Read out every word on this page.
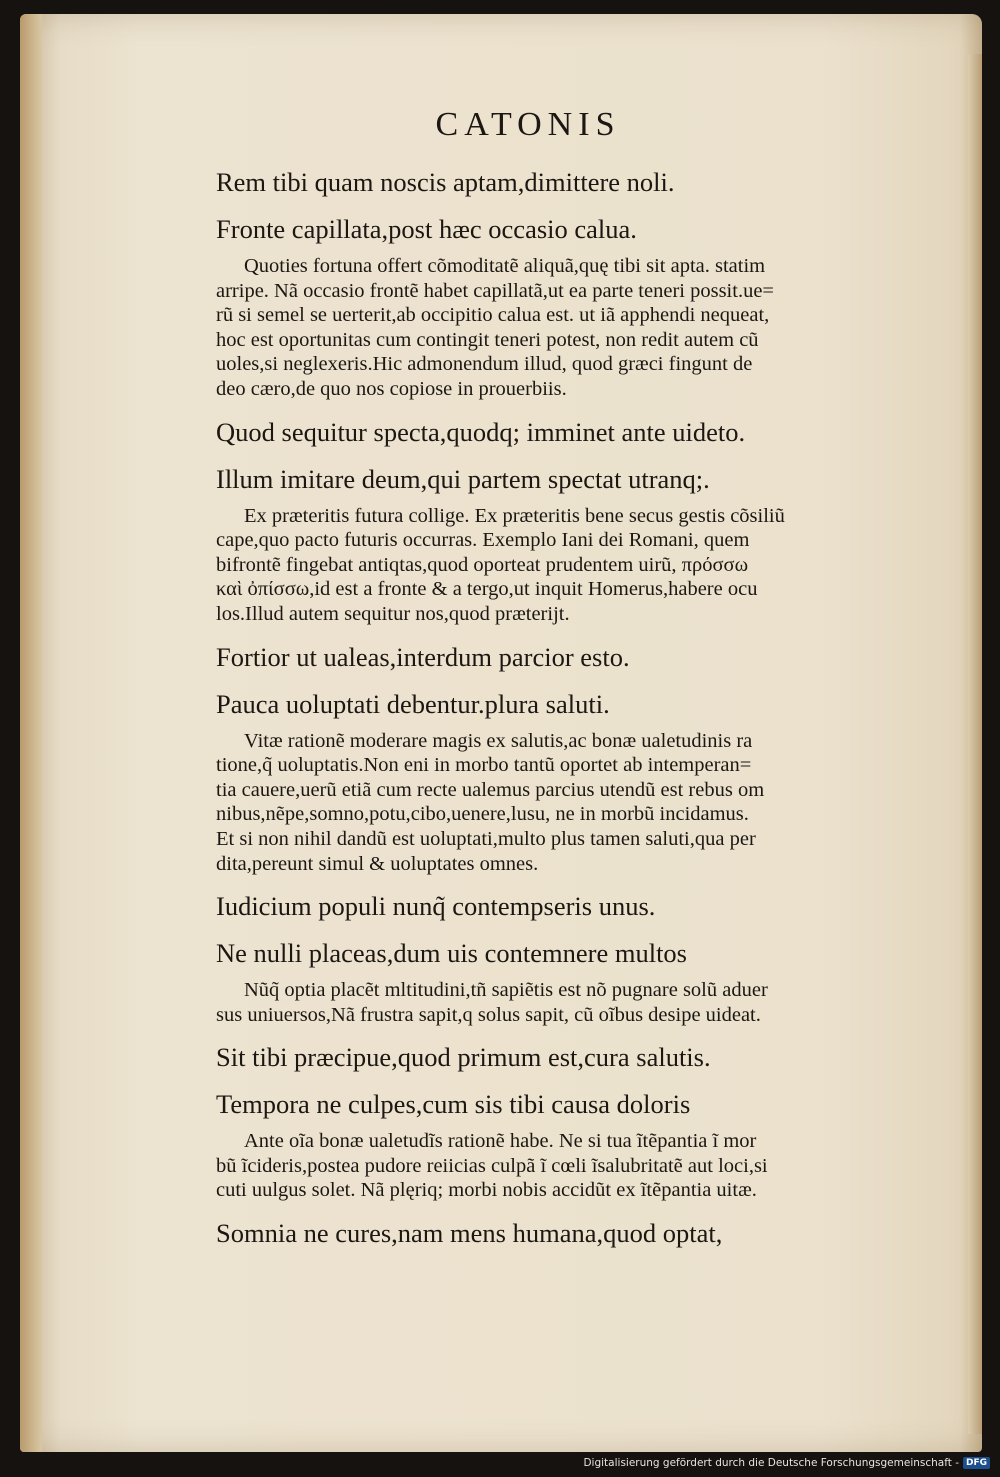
CATONIS

Rem tibi quam noscis aptam,dimittere noli.

Fronte capillata,post hæc occasio calua.

Quoties fortuna offert cõmoditatẽ aliquã,quę tibi sit apta. statim
arripe. Nã occasio frontẽ habet capillatã,ut ea parte teneri possit.ue=
rũ si semel se uerterit,ab occipitio calua est. ut iã apphendi nequeat,
hoc est oportunitas cum contingit teneri potest, non redit autem cũ
uoles,si neglexeris.Hic admonendum illud, quod græci fingunt de
deo cæro,de quo nos copiose in prouerbiis.

Quod sequitur specta,quodq; imminet ante uideto.

Illum imitare deum,qui partem spectat utranq;.

Ex præteritis futura collige. Ex præteritis bene secus gestis cõsiliũ
cape,quo pacto futuris occurras. Exemplo Iani dei Romani, quem
bifrontẽ fingebat antiqtas,quod oporteat prudentem uirũ, πρόσσω
καὶ ὀπίσσω,id est a fronte & a tergo,ut inquit Homerus,habere ocu
los.Illud autem sequitur nos,quod præterijt.

Fortior ut ualeas,interdum parcior esto.

Pauca uoluptati debentur.plura saluti.

Vitæ rationẽ moderare magis ex salutis,ac bonæ ualetudinis ra
tione,q̃ uoluptatis.Non eni in morbo tantũ oportet ab intemperan=
tia cauere,uerũ etiã cum recte ualemus parcius utendũ est rebus om
nibus,nẽpe,somno,potu,cibo,uenere,lusu, ne in morbũ incidamus.
Et si non nihil dandũ est uoluptati,multo plus tamen saluti,qua per
dita,pereunt simul & uoluptates omnes.

Iudicium populi nunq̃ contempseris unus.

Ne nulli placeas,dum uis contemnere multos

Nũq̃ optia placẽt mltitudini,tñ sapiẽtis est nõ pugnare solũ aduer
sus uniuersos,Nã frustra sapit,q solus sapit, cũ oĩbus desipe uideat.

Sit tibi præcipue,quod primum est,cura salutis.

Tempora ne culpes,cum sis tibi causa doloris

Ante oĩa bonæ ualetudĩs rationẽ habe. Ne si tua ĩtẽpantia ĩ mor
bũ ĩcideris,postea pudore reiicias culpã ĩ cœli ĩsalubritatẽ aut loci,si
cuti uulgus solet. Nã plęriq; morbi nobis accidũt ex ĩtẽpantia uitæ.

Somnia ne cures,nam mens humana,quod optat,

Digitalisierung gefördert durch die Deutsche Forschungsgemeinschaft - DFG
